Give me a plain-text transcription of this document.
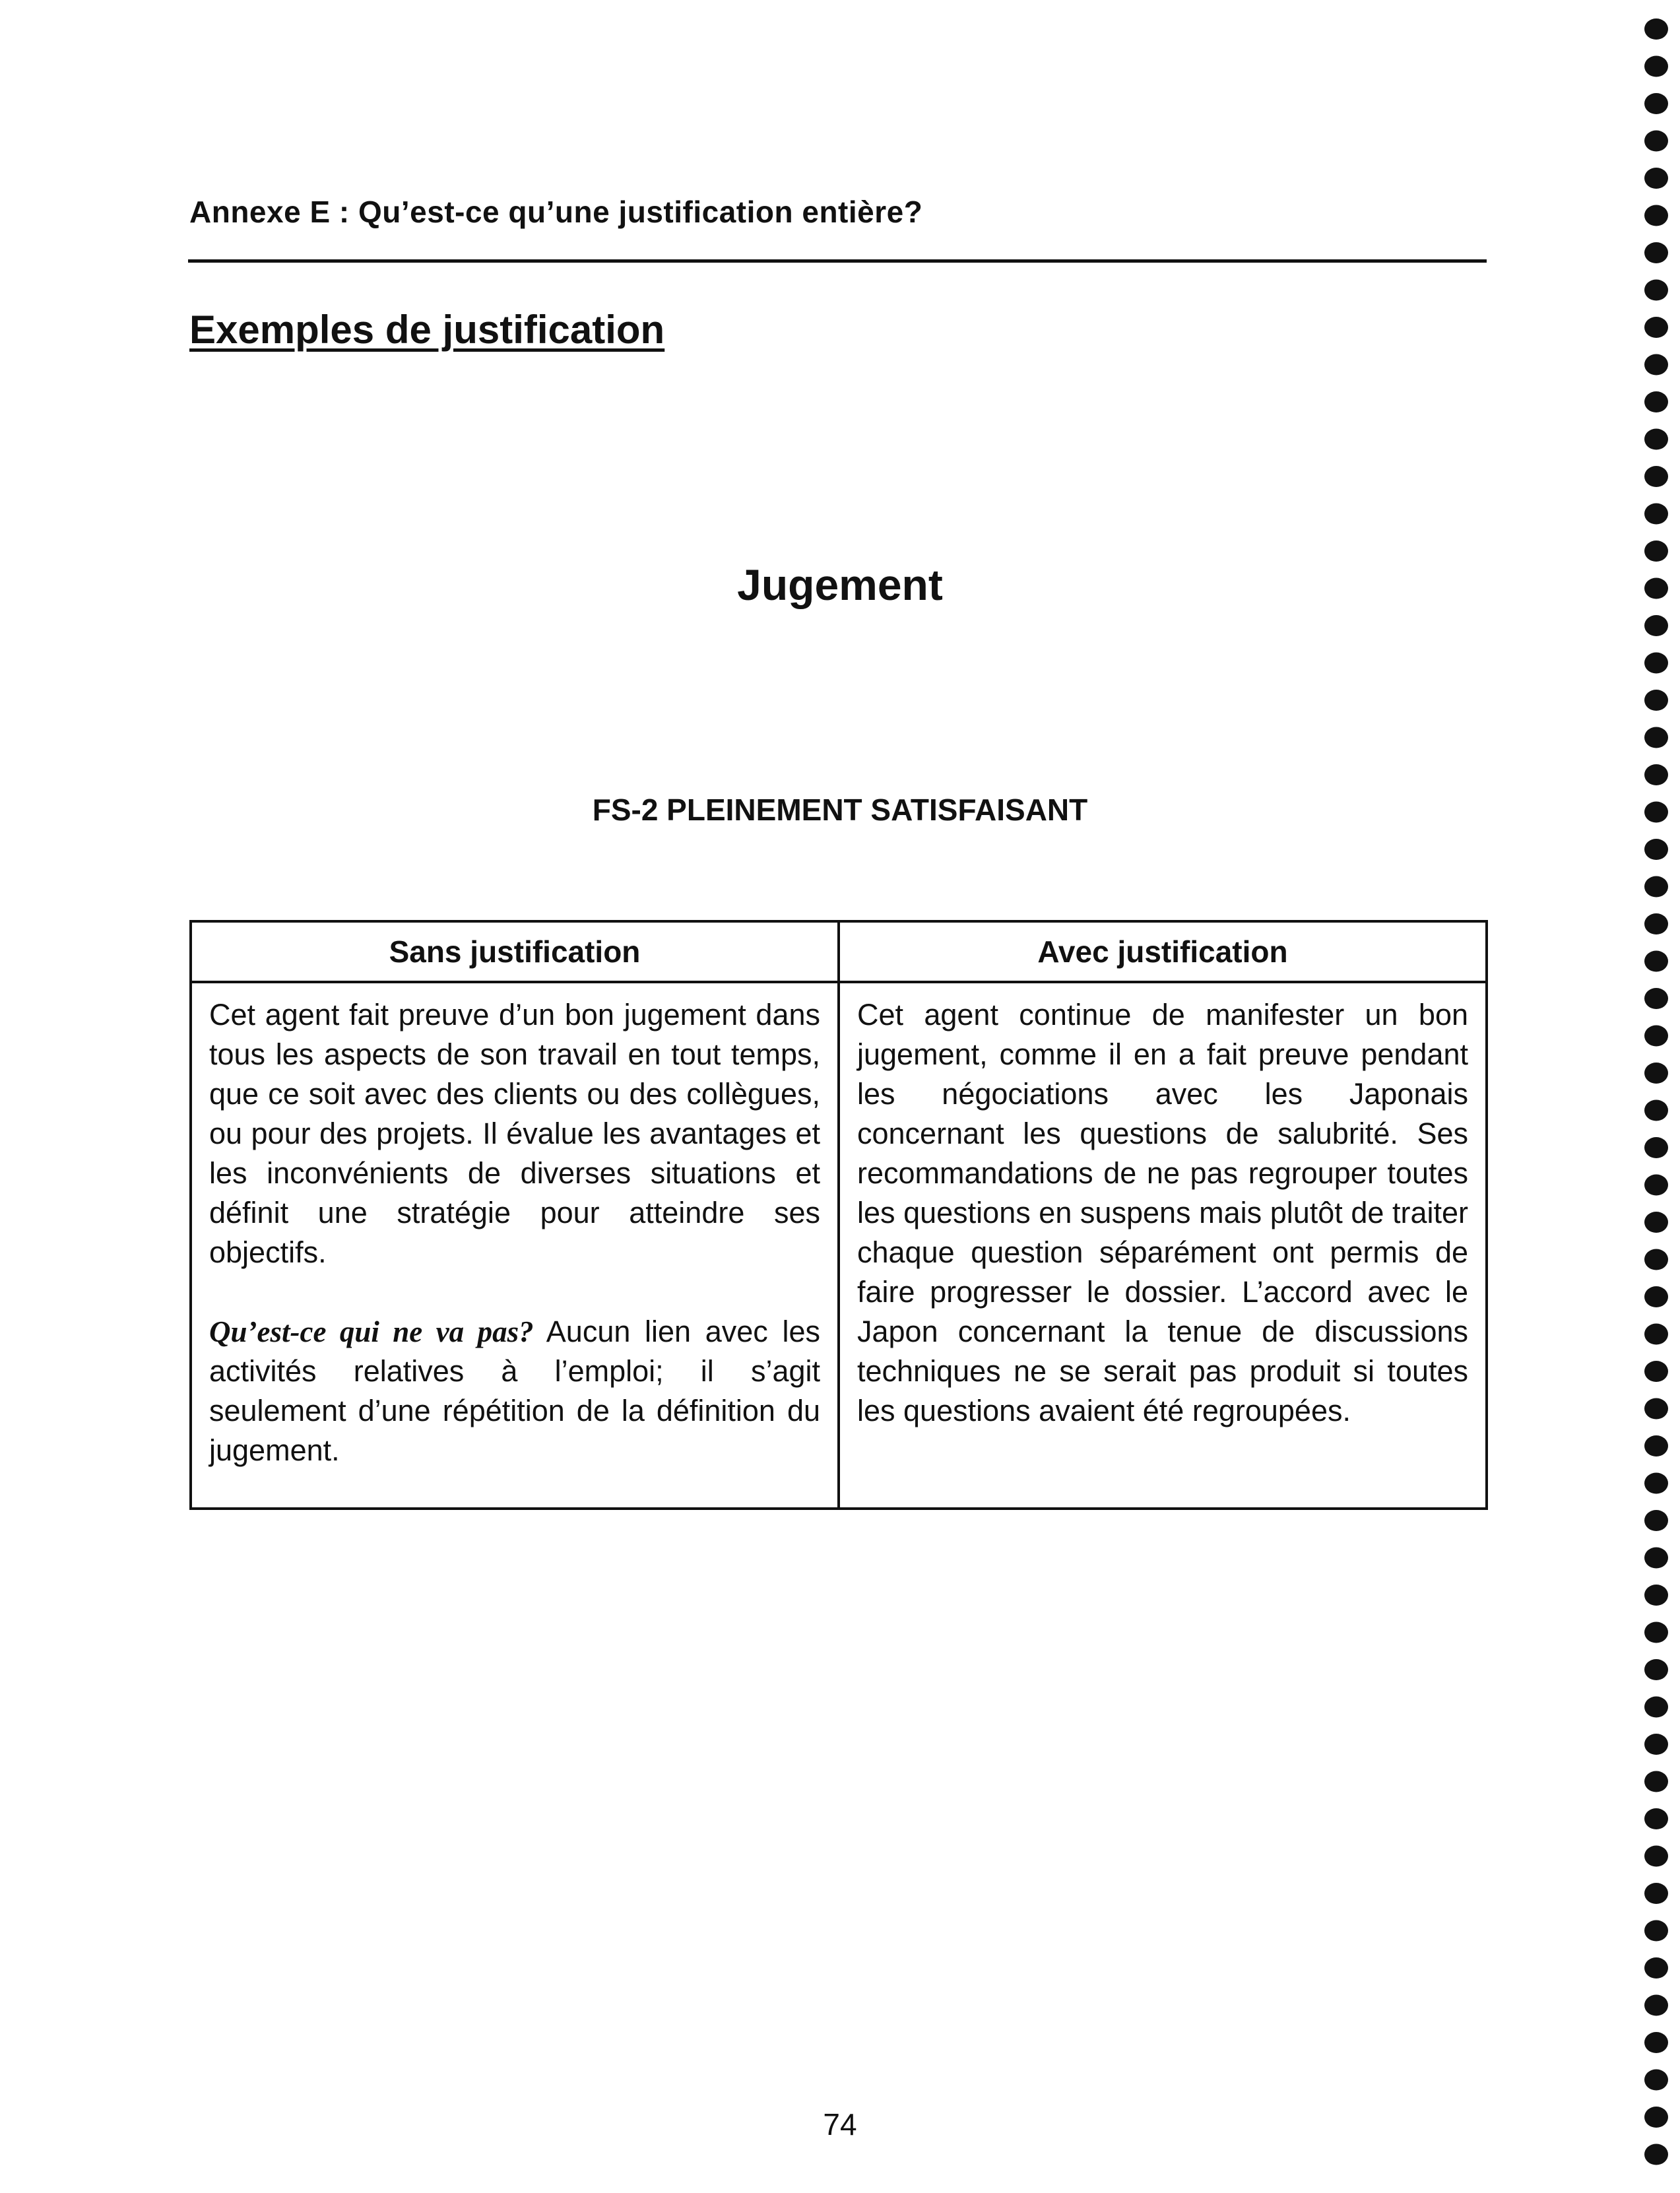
Annexe E : Qu’est-ce qu’une justification entière?
Exemples de justification
Jugement
FS-2 PLEINEMENT SATISFAISANT
Sans justification	Avec justification

Cet agent fait preuve d’un bon jugement dans tous les aspects de son travail en tout temps, que ce soit avec des clients ou des collègues, ou pour des projets. Il évalue les avantages et les inconvénients de diverses situations et définit une stratégie pour atteindre ses objectifs.

Qu’est-ce qui ne va pas? Aucun lien avec les activités relatives à l’emploi; il s’agit seulement d’une répétition de la définition du jugement.

Cet agent continue de manifester un bon jugement, comme il en a fait preuve pendant les négociations avec les Japonais concernant les questions de salubrité. Ses recommandations de ne pas regrouper toutes les questions en suspens mais plutôt de traiter chaque question séparément ont permis de faire progresser le dossier. L’accord avec le Japon concernant la tenue de discussions techniques ne se serait pas produit si toutes les questions avaient été regroupées.

74
